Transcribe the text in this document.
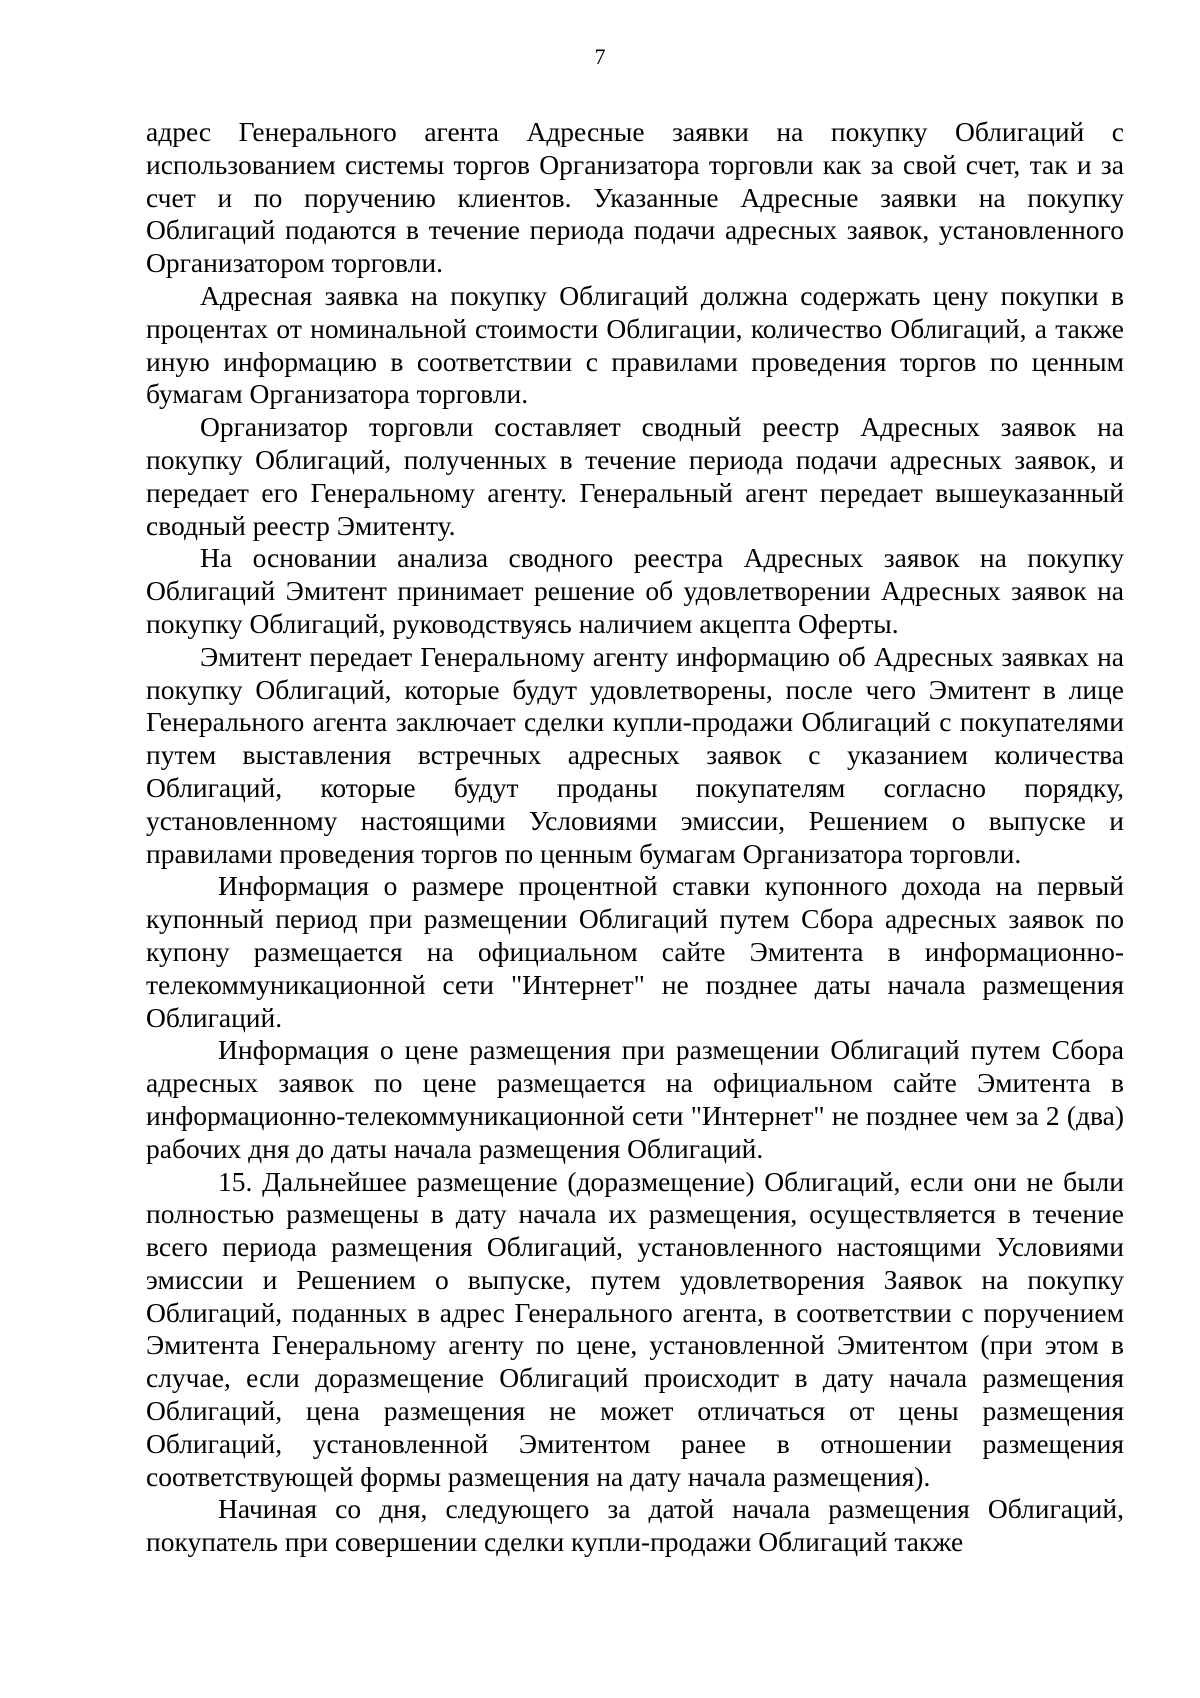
7

адрес Генерального агента Адресные заявки на покупку Облигаций с использованием системы торгов Организатора торговли как за свой счет, так и за счет и по поручению клиентов. Указанные Адресные заявки на покупку Облигаций подаются в течение периода подачи адресных заявок, установленного Организатором торговли.

Адресная заявка на покупку Облигаций должна содержать цену покупки в процентах от номинальной стоимости Облигации, количество Облигаций, а также иную информацию в соответствии с правилами проведения торгов по ценным бумагам Организатора торговли.

Организатор торговли составляет сводный реестр Адресных заявок на покупку Облигаций, полученных в течение периода подачи адресных заявок, и передает его Генеральному агенту. Генеральный агент передает вышеуказанный сводный реестр Эмитенту.

На основании анализа сводного реестра Адресных заявок на покупку Облигаций Эмитент принимает решение об удовлетворении Адресных заявок на покупку Облигаций, руководствуясь наличием акцепта Оферты.

Эмитент передает Генеральному агенту информацию об Адресных заявках на покупку Облигаций, которые будут удовлетворены, после чего Эмитент в лице Генерального агента заключает сделки купли-продажи Облигаций с покупателями путем выставления встречных адресных заявок с указанием количества Облигаций, которые будут проданы покупателям согласно порядку, установленному настоящими Условиями эмиссии, Решением о выпуске и правилами проведения торгов по ценным бумагам Организатора торговли.

Информация о размере процентной ставки купонного дохода на первый купонный период при размещении Облигаций путем Сбора адресных заявок по купону размещается на официальном сайте Эмитента в информационно-телекоммуникационной сети "Интернет" не позднее даты начала размещения Облигаций.

Информация о цене размещения при размещении Облигаций путем Сбора адресных заявок по цене размещается на официальном сайте Эмитента в информационно-телекоммуникационной сети "Интернет" не позднее чем за 2 (два) рабочих дня до даты начала размещения Облигаций.

15. Дальнейшее размещение (доразмещение) Облигаций, если они не были полностью размещены в дату начала их размещения, осуществляется в течение всего периода размещения Облигаций, установленного настоящими Условиями эмиссии и Решением о выпуске, путем удовлетворения Заявок на покупку Облигаций, поданных в адрес Генерального агента, в соответствии с поручением Эмитента Генеральному агенту по цене, установленной Эмитентом (при этом в случае, если доразмещение Облигаций происходит в дату начала размещения Облигаций, цена размещения не может отличаться от цены размещения Облигаций, установленной Эмитентом ранее в отношении размещения соответствующей формы размещения на дату начала размещения).

Начиная со дня, следующего за датой начала размещения Облигаций, покупатель при совершении сделки купли-продажи Облигаций также
